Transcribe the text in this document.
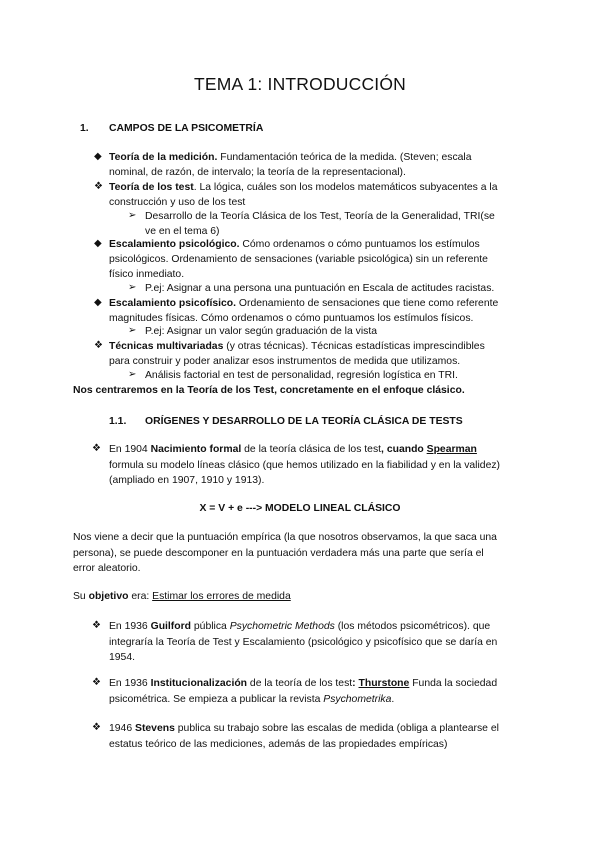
TEMA 1: INTRODUCCIÓN
1. CAMPOS DE LA PSICOMETRÍA
◆ Teoría de la medición. Fundamentación teórica de la medida. (Steven; escala
nominal, de razón, de intervalo; la teoría de la representacional).
❖ Teoría de los test. La lógica, cuáles son los modelos matemáticos subyacentes a la
construcción y uso de los test
➢ Desarrollo de la Teoría Clásica de los Test, Teoría de la Generalidad, TRI(se
ve en el tema 6)
◆ Escalamiento psicológico. Cómo ordenamos o cómo puntuamos los estímulos
psicológicos. Ordenamiento de sensaciones (variable psicológica) sin un referente
físico inmediato.
➢ P.ej: Asignar a una persona una puntuación en Escala de actitudes racistas.
◆ Escalamiento psicofísico. Ordenamiento de sensaciones que tiene como referente
magnitudes físicas. Cómo ordenamos o cómo puntuamos los estímulos físicos.
➢ P.ej: Asignar un valor según graduación de la vista
❖ Técnicas multivariadas (y otras técnicas). Técnicas estadísticas imprescindibles
para construir y poder analizar esos instrumentos de medida que utilizamos.
➢ Análisis factorial en test de personalidad, regresión logística en TRI.
Nos centraremos en la Teoría de los Test, concretamente en el enfoque clásico.
1.1. ORÍGENES Y DESARROLLO DE LA TEORÍA CLÁSICA DE TESTS
❖ En 1904 Nacimiento formal de la teoría clásica de los test, cuando Spearman
formula su modelo líneas clásico (que hemos utilizado en la fiabilidad y en la validez)
(ampliado en 1907, 1910 y 1913).
X = V + e ---> MODELO LINEAL CLÁSICO
Nos viene a decir que la puntuación empírica (la que nosotros observamos, la que saca una
persona), se puede descomponer en la puntuación verdadera más una parte que sería el
error aleatorio.
Su objetivo era: Estimar los errores de medida
❖ En 1936 Guilford pública Psychometric Methods (los métodos psicométricos). que
integraría la Teoría de Test y Escalamiento (psicológico y psicofísico que se daría en
1954.
❖ En 1936 Institucionalización de la teoría de los test: Thurstone Funda la sociedad
psicométrica. Se empieza a publicar la revista Psychometrika.
❖ 1946 Stevens publica su trabajo sobre las escalas de medida (obliga a plantearse el
estatus teórico de las mediciones, además de las propiedades empíricas)
